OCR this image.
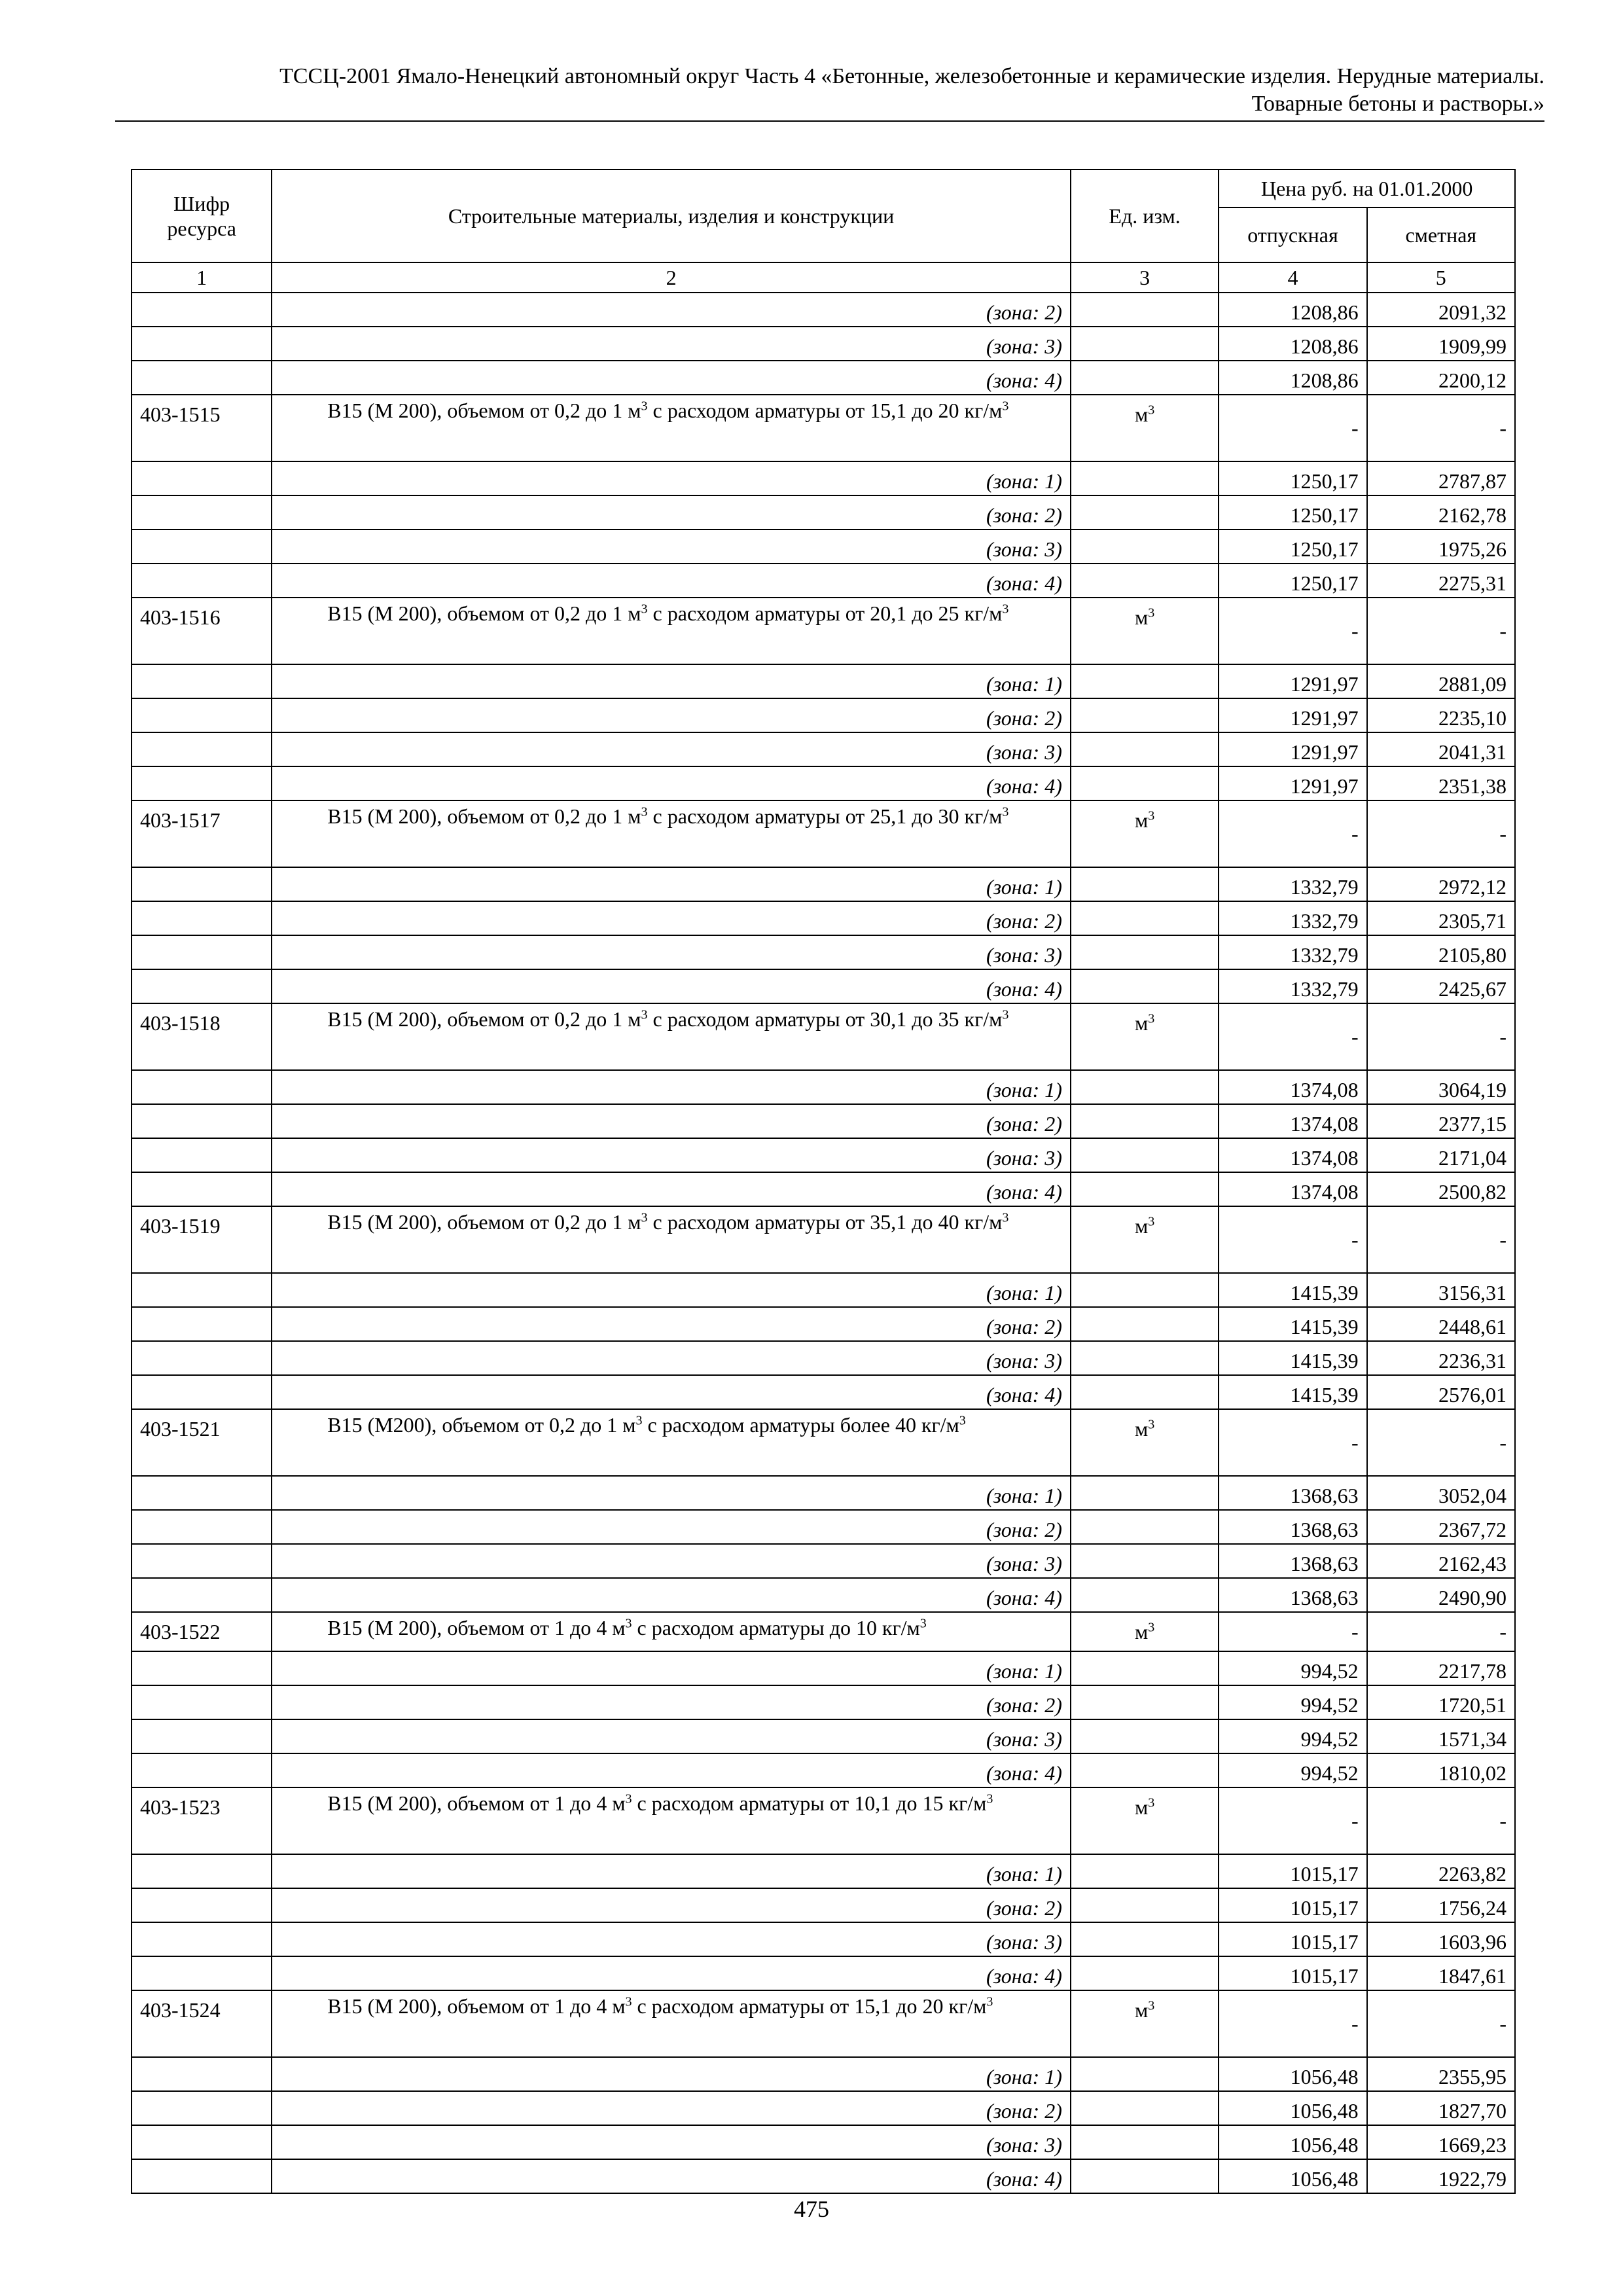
ТССЦ-2001 Ямало-Ненецкий автономный округ Часть 4 «Бетонные, железобетонные и керамические изделия. Нерудные материалы.
Товарные бетоны и растворы.»
Шифр ресурса	Строительные материалы, изделия и конструкции	Ед. изм.	Цена руб. на 01.01.2000	
			отпускная	сметная
1	2	3	4	5
	(зона: 2)		1208,86	2091,32
	(зона: 3)		1208,86	1909,99
	(зона: 4)		1208,86	2200,12
403-1515	B15 (М 200), объемом от 0,2 до 1 $м^3$ с расходом арматуры от 15,1 до 20 $кг/м^3$	$м^3$	-	-
	(зона: 1)		1250,17	2787,87
	(зона: 2)		1250,17	2162,78
	(зона: 3)		1250,17	1975,26
	(зона: 4)		1250,17	2275,31
403-1516	B15 (М 200), объемом от 0,2 до 1 $м^3$ с расходом арматуры от 20,1 до 25 $кг/м^3$	$м^3$	-	-
	(зона: 1)		1291,97	2881,09
	(зона: 2)		1291,97	2235,10
	(зона: 3)		1291,97	2041,31
	(зона: 4)		1291,97	2351,38
403-1517	B15 (М 200), объемом от 0,2 до 1 $м^3$ с расходом арматуры от 25,1 до 30 $кг/м^3$	$м^3$	-	-
	(зона: 1)		1332,79	2972,12
	(зона: 2)		1332,79	2305,71
	(зона: 3)		1332,79	2105,80
	(зона: 4)		1332,79	2425,67
403-1518	B15 (М 200), объемом от 0,2 до 1 $м^3$ с расходом арматуры от 30,1 до 35 $кг/м^3$	$м^3$	-	-
	(зона: 1)		1374,08	3064,19
	(зона: 2)		1374,08	2377,15
	(зона: 3)		1374,08	2171,04
	(зона: 4)		1374,08	2500,82
403-1519	B15 (М 200), объемом от 0,2 до 1 $м^3$ с расходом арматуры от 35,1 до 40 $кг/м^3$	$м^3$	-	-
	(зона: 1)		1415,39	3156,31
	(зона: 2)		1415,39	2448,61
	(зона: 3)		1415,39	2236,31
	(зона: 4)		1415,39	2576,01
403-1521	B15 (М200), объемом от 0,2 до 1 $м^3$ с расходом арматуры более 40 $кг/м^3$	$м^3$	-	-
	(зона: 1)		1368,63	3052,04
	(зона: 2)		1368,63	2367,72
	(зона: 3)		1368,63	2162,43
	(зона: 4)		1368,63	2490,90
403-1522	B15 (М 200), объемом от 1 до 4 $м^3$ с расходом арматуры до 10 $кг/м^3$	$м^3$	-	-
	(зона: 1)		994,52	2217,78
	(зона: 2)		994,52	1720,51
	(зона: 3)		994,52	1571,34
	(зона: 4)		994,52	1810,02
403-1523	B15 (М 200), объемом от 1 до 4 $м^3$ с расходом арматуры от 10,1 до 15 $кг/м^3$	$м^3$	-	-
	(зона: 1)		1015,17	2263,82
	(зона: 2)		1015,17	1756,24
	(зона: 3)		1015,17	1603,96
	(зона: 4)		1015,17	1847,61
403-1524	B15 (М 200), объемом от 1 до 4 $м^3$ с расходом арматуры от 15,1 до 20 $кг/м^3$	$м^3$	-	-
	(зона: 1)		1056,48	2355,95
	(зона: 2)		1056,48	1827,70
	(зона: 3)		1056,48	1669,23
	(зона: 4)		1056,48	1922,79
475
